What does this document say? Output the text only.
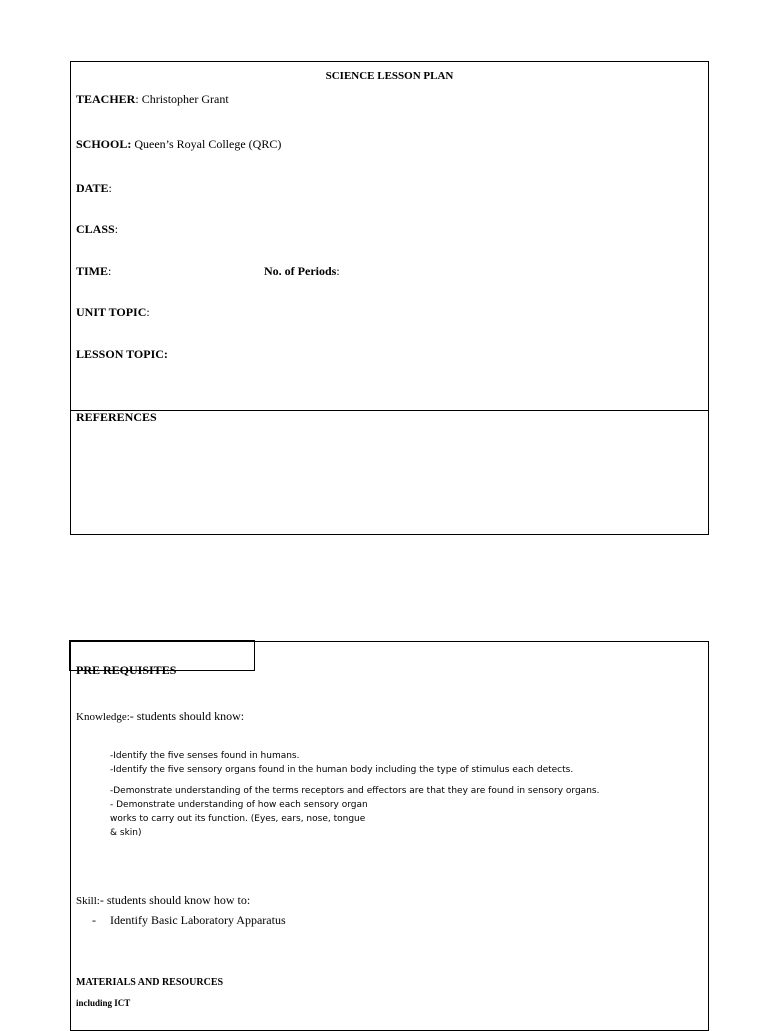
SCIENCE LESSON PLAN
TEACHER: Christopher Grant
SCHOOL: Queen’s Royal College (QRC)
DATE:
CLASS:
TIME:	No. of Periods:
UNIT TOPIC:
LESSON TOPIC:
REFERENCES
PRE REQUISITES
Knowledge:- students should know:
-Identify the five senses found in humans.
-Identify the five sensory organs found in the human body including the type of stimulus each detects.
-Demonstrate understanding of the terms receptors and effectors are that they are found in sensory organs.
- Demonstrate understanding of how each sensory organ
works to carry out its function. (Eyes, ears, nose, tongue
& skin)
Skill:- students should know how to:
- Identify Basic Laboratory Apparatus
MATERIALS AND RESOURCES
including ICT
